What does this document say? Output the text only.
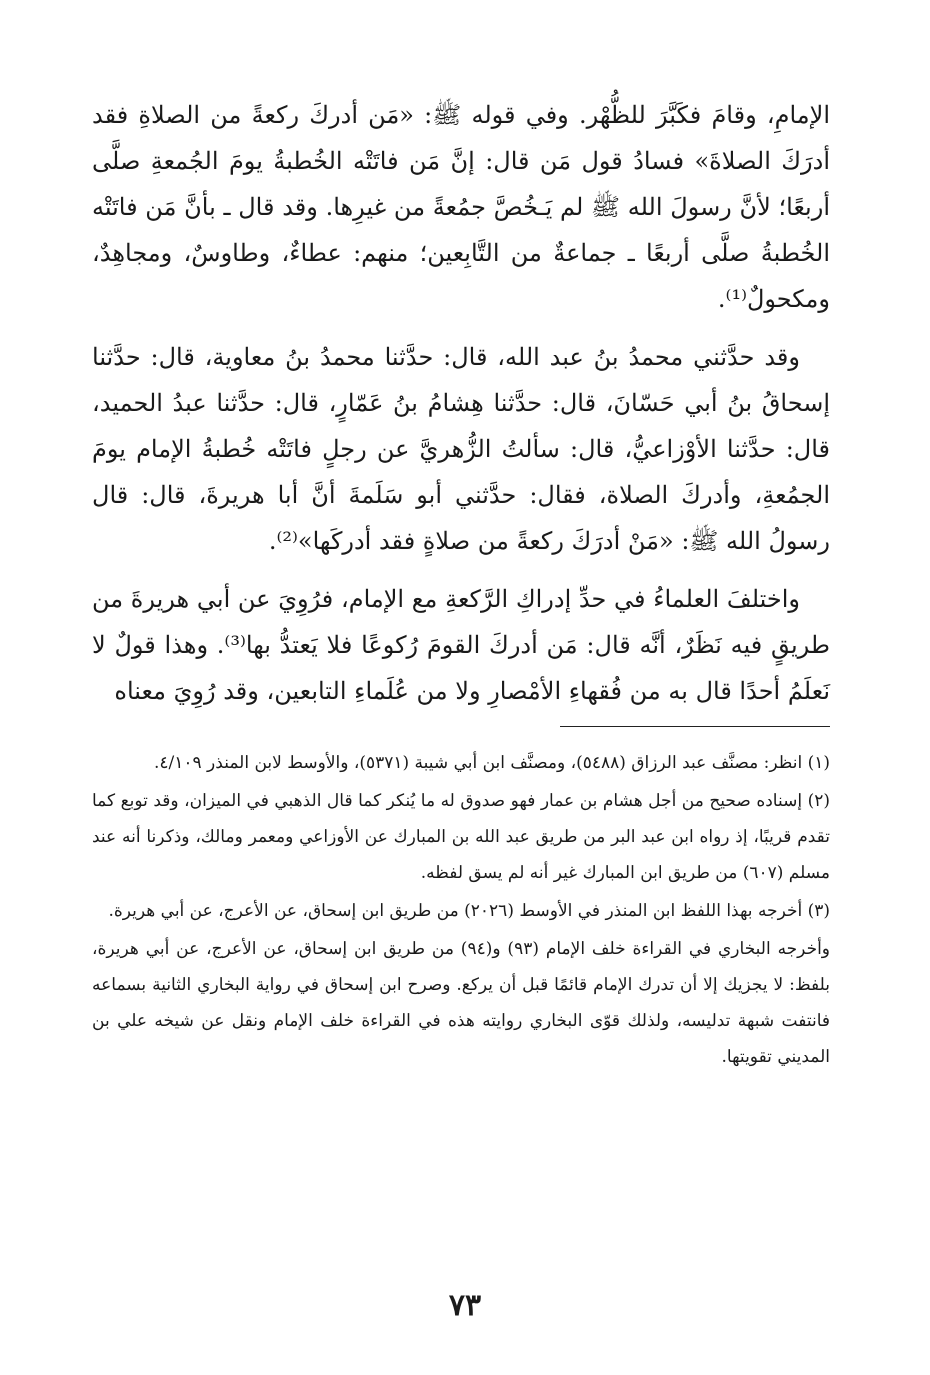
الإمامِ، وقامَ فكَبَّرَ للظُّهْر. وفي قوله ﷺ: «مَن أدركَ ركعةً من الصلاةِ فقد أدرَكَ الصلاةَ» فسادُ قول مَن قال: إنَّ مَن فاتَتْه الخُطبةُ يومَ الجُمعةِ صلَّى أربعًا؛ لأنَّ رسولَ الله ﷺ لم يَـخُصَّ جمُعةً من غيرِها. وقد قال ـ بأنَّ مَن فاتَتْه الخُطبةُ صلَّى أربعًا ـ جماعةٌ من التَّابِعين؛ منهم: عطاءٌ، وطاوسٌ، ومجاهِدٌ، ومكحولٌ⁽¹⁾.

وقد حدَّثني محمدُ بنُ عبد الله، قال: حدَّثنا محمدُ بنُ معاوية، قال: حدَّثنا إسحاقُ بنُ أبي حَسّانَ، قال: حدَّثنا هِشامُ بنُ عَمّارٍ، قال: حدَّثنا عبدُ الحميد، قال: حدَّثنا الأوْزاعيُّ، قال: سألتُ الزُّهريَّ عن رجلٍ فاتَتْه خُطبةُ الإمام يومَ الجمُعةِ، وأدركَ الصلاة، فقال: حدَّثني أبو سَلَمةَ أنَّ أبا هريرةَ، قال: قال رسولُ الله ﷺ: «مَنْ أدرَكَ ركعةً من صلاةٍ فقد أدركَها»⁽²⁾.

واختلفَ العلماءُ في حدِّ إدراكِ الرَّكعةِ مع الإمام، فرُوِيَ عن أبي هريرةَ من طريقٍ فيه نَظَرٌ، أنَّه قال: مَن أدركَ القومَ رُكوعًا فلا يَعتدُّ بها⁽³⁾. وهذا قولٌ لا نَعلَمُ أحدًا قال به من فُقهاءِ الأمْصارِ ولا من عُلَماءِ التابعين، وقد رُوِيَ معناه

(١) انظر: مصنَّف عبد الرزاق (٥٤٨٨)، ومصنَّف ابن أبي شيبة (٥٣٧١)، والأوسط لابن المنذر ٤/١٠٩.

(٢) إسناده صحيح من أجل هشام بن عمار فهو صدوق له ما يُنكر كما قال الذهبي في الميزان، وقد توبع كما تقدم قريبًا، إذ رواه ابن عبد البر من طريق عبد الله بن المبارك عن الأوزاعي ومعمر ومالك، وذكرنا أنه عند مسلم (٦٠٧) من طريق ابن المبارك غير أنه لم يسق لفظه.

(٣) أخرجه بهذا اللفظ ابن المنذر في الأوسط (٢٠٢٦) من طريق ابن إسحاق، عن الأعرج، عن أبي هريرة.

وأخرجه البخاري في القراءة خلف الإمام (٩٣) و(٩٤) من طريق ابن إسحاق، عن الأعرج، عن أبي هريرة، بلفظ: لا يجزيك إلا أن تدرك الإمام قائمًا قبل أن يركع. وصرح ابن إسحاق في رواية البخاري الثانية بسماعه فانتفت شبهة تدليسه، ولذلك قوّى البخاري روايته هذه في القراءة خلف الإمام ونقل عن شيخه علي بن المديني تقويتها.

٧٣
